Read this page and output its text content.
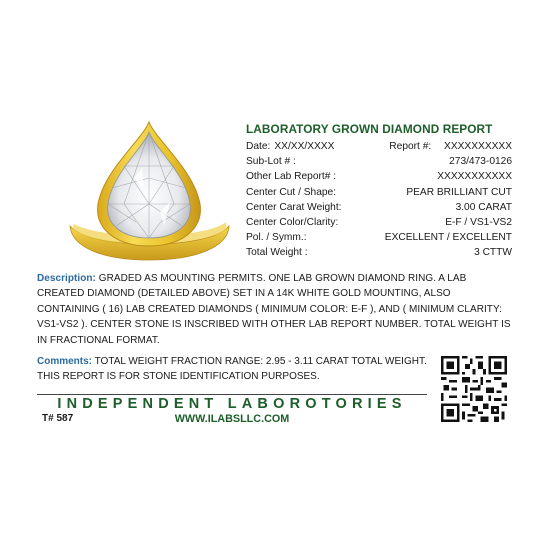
LABORATORY GROWN DIAMOND REPORT
Date: XX/XX/XXXX	Report #: XXXXXXXXXX
Sub-Lot # :	273/473-0126
Other Lab Report# :	XXXXXXXXXXX
Center Cut / Shape:	PEAR BRILLIANT CUT
Center Carat Weight:	3.00 CARAT
Center Color/Clarity:	E-F / VS1-VS2
Pol. / Symm.:	EXCELLENT / EXCELLENT
Total Weight :	3 CTTW
Description: GRADED AS MOUNTING PERMITS. ONE LAB GROWN DIAMOND RING. A LAB CREATED DIAMOND (DETAILED ABOVE) SET IN A 14K WHITE GOLD MOUNTING, ALSO CONTAINING ( 16) LAB CREATED DIAMONDS ( MINIMUM COLOR: E-F ), AND ( MINIMUM CLARITY: VS1-VS2 ). CENTER STONE IS INSCRIBED WITH OTHER LAB REPORT NUMBER. TOTAL WEIGHT IS IN FRACTIONAL FORMAT.
Comments: TOTAL WEIGHT FRACTION RANGE: 2.95 - 3.11 CARAT TOTAL WEIGHT. THIS REPORT IS FOR STONE IDENTIFICATION PURPOSES.
INDEPENDENT LABOROTORIES
T# 587	WWW.ILABSLLC.COM
